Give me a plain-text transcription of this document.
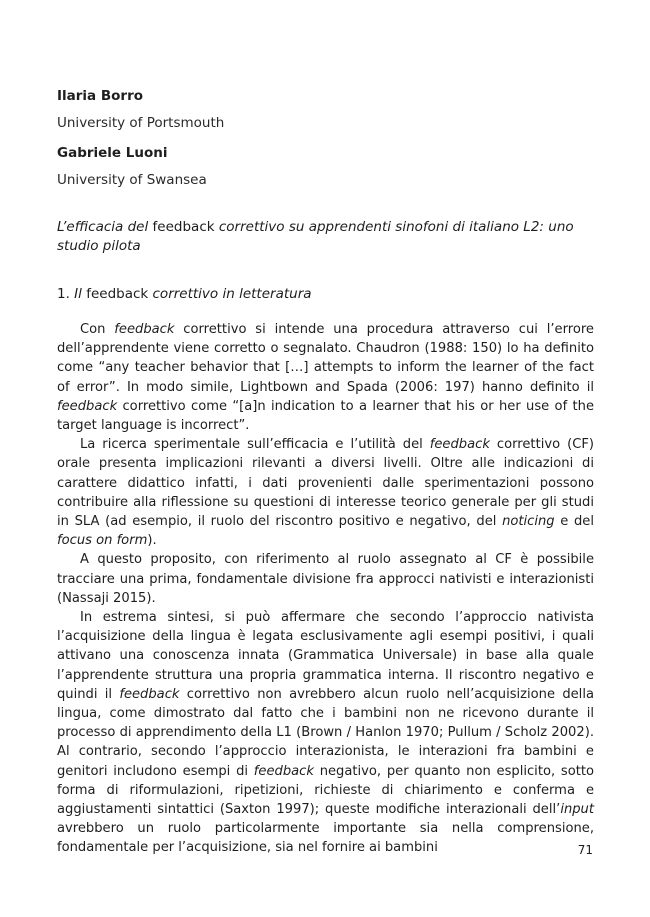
Ilaria Borro

University of Portsmouth

Gabriele Luoni

University of Swansea

L’efficacia del feedback correttivo su apprendenti sinofoni di italiano L2: uno studio pilota

1. Il feedback correttivo in letteratura

Con feedback correttivo si intende una procedura attraverso cui l’errore dell’apprendente viene corretto o segnalato. Chaudron (1988: 150) lo ha definito come “any teacher behavior that […] attempts to inform the learner of the fact of error”. In modo simile, Lightbown and Spada (2006: 197) hanno definito il feedback correttivo come “[a]n indication to a learner that his or her use of the target language is incorrect”.

La ricerca sperimentale sull’efficacia e l’utilità del feedback correttivo (CF) orale presenta implicazioni rilevanti a diversi livelli. Oltre alle indicazioni di carattere didattico infatti, i dati provenienti dalle sperimentazioni possono contribuire alla riflessione su questioni di interesse teorico generale per gli studi in SLA (ad esempio, il ruolo del riscontro positivo e negativo, del noticing e del focus on form).

A questo proposito, con riferimento al ruolo assegnato al CF è possibile tracciare una prima, fondamentale divisione fra approcci nativisti e interazionisti (Nassaji 2015).

In estrema sintesi, si può affermare che secondo l’approccio nativista l’acquisizione della lingua è legata esclusivamente agli esempi positivi, i quali attivano una conoscenza innata (Grammatica Universale) in base alla quale l’apprendente struttura una propria grammatica interna. Il riscontro negativo e quindi il feedback correttivo non avrebbero alcun ruolo nell’acquisizione della lingua, come dimostrato dal fatto che i bambini non ne ricevono durante il processo di apprendimento della L1 (Brown / Hanlon 1970; Pullum / Scholz 2002). Al contrario, secondo l’approccio interazionista, le interazioni fra bambini e genitori includono esempi di feedback negativo, per quanto non esplicito, sotto forma di riformulazioni, ripetizioni, richieste di chiarimento e conferma e aggiustamenti sintattici (Saxton 1997); queste modifiche interazionali dell’input avrebbero un ruolo particolarmente importante sia nella comprensione, fondamentale per l’acquisizione, sia nel fornire ai bambini	71
